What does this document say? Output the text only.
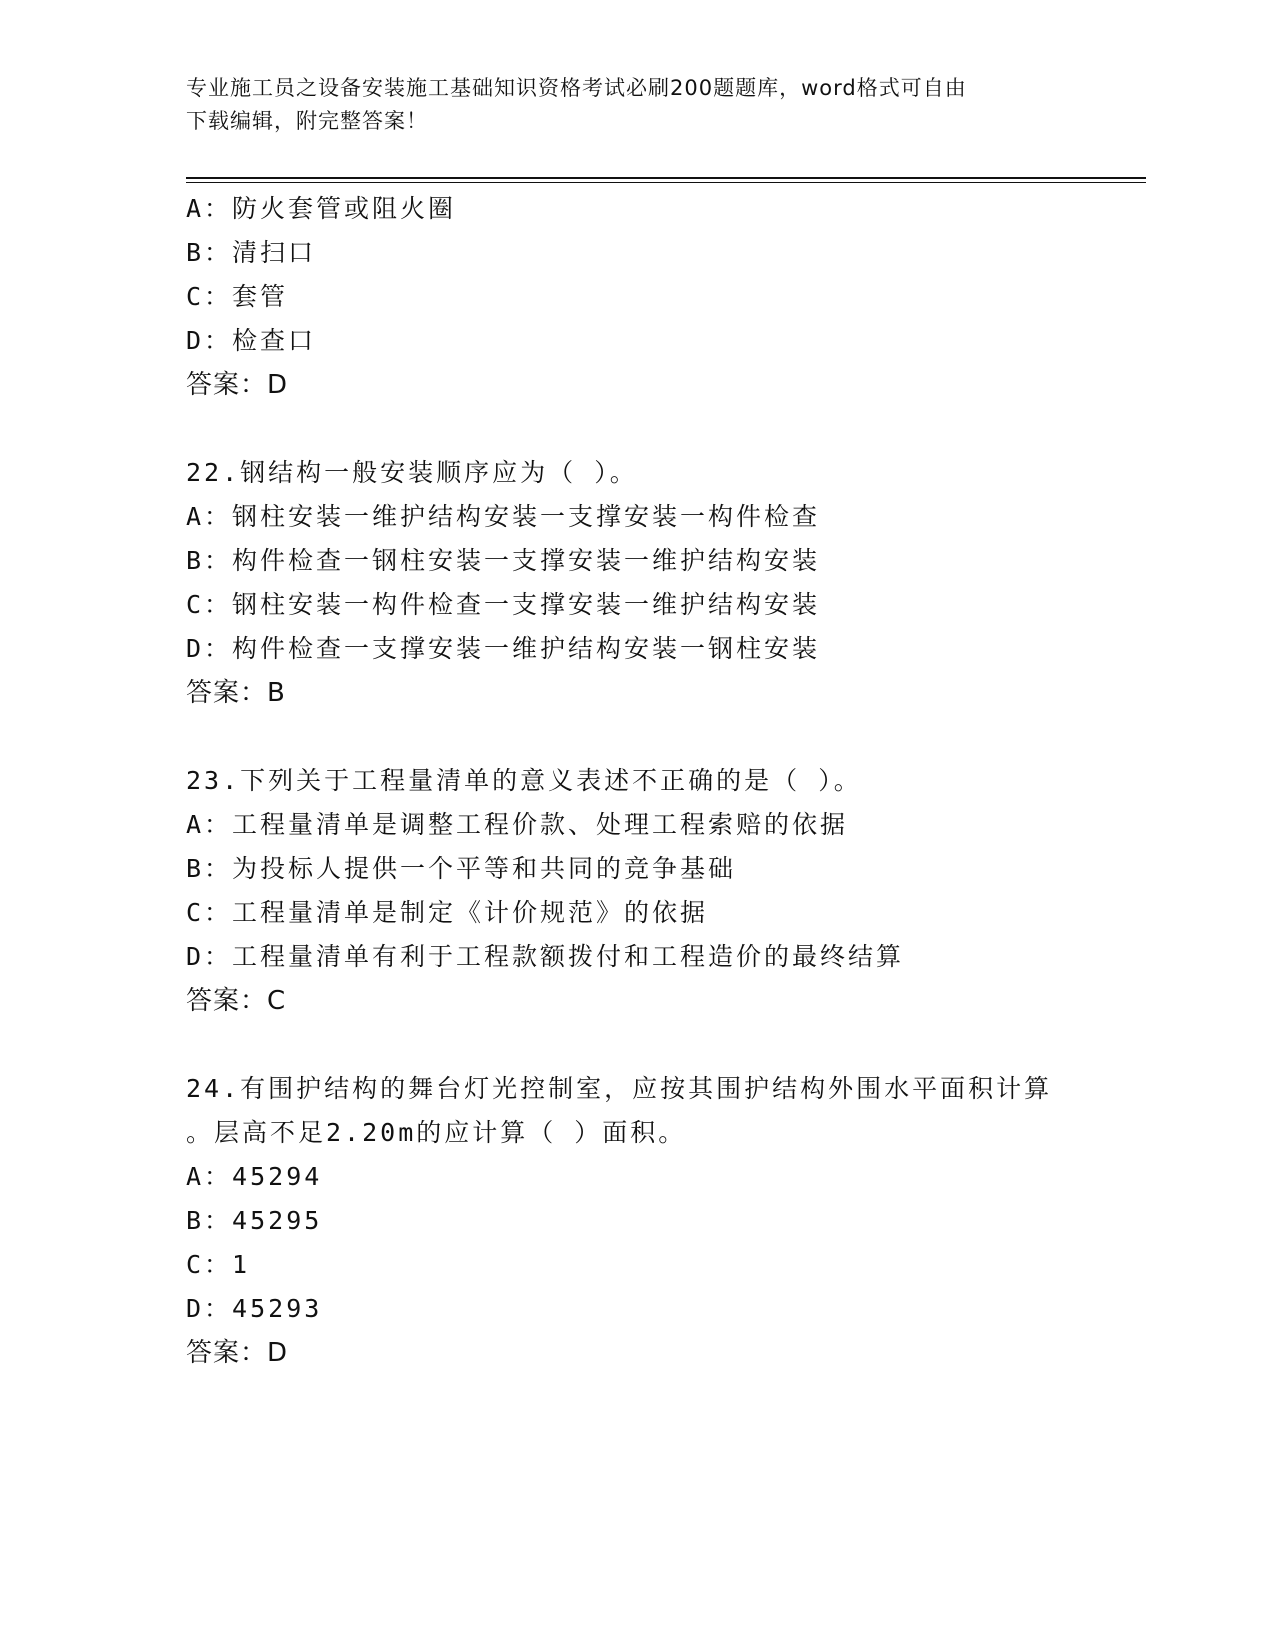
专业施工员之设备安装施工基础知识资格考试必刷200题题库，word格式可自由
下载编辑，附完整答案！
A：防火套管或阻火圈
B：清扫口
C：套管
D：检查口
答案：D
22.钢结构一般安装顺序应为（ ）。
A：钢柱安装一维护结构安装一支撑安装一构件检查
B：构件检查一钢柱安装一支撑安装一维护结构安装
C：钢柱安装一构件检查一支撑安装一维护结构安装
D：构件检查一支撑安装一维护结构安装一钢柱安装
答案：B
23.下列关于工程量清单的意义表述不正确的是（ ）。
A：工程量清单是调整工程价款、处理工程索赔的依据
B：为投标人提供一个平等和共同的竞争基础
C：工程量清单是制定《计价规范》的依据
D：工程量清单有利于工程款额拨付和工程造价的最终结算
答案：C
24.有围护结构的舞台灯光控制室，应按其围护结构外围水平面积计算
。层高不足2.20m的应计算（ ）面积。
A：45294
B：45295
C：1
D：45293
答案：D
